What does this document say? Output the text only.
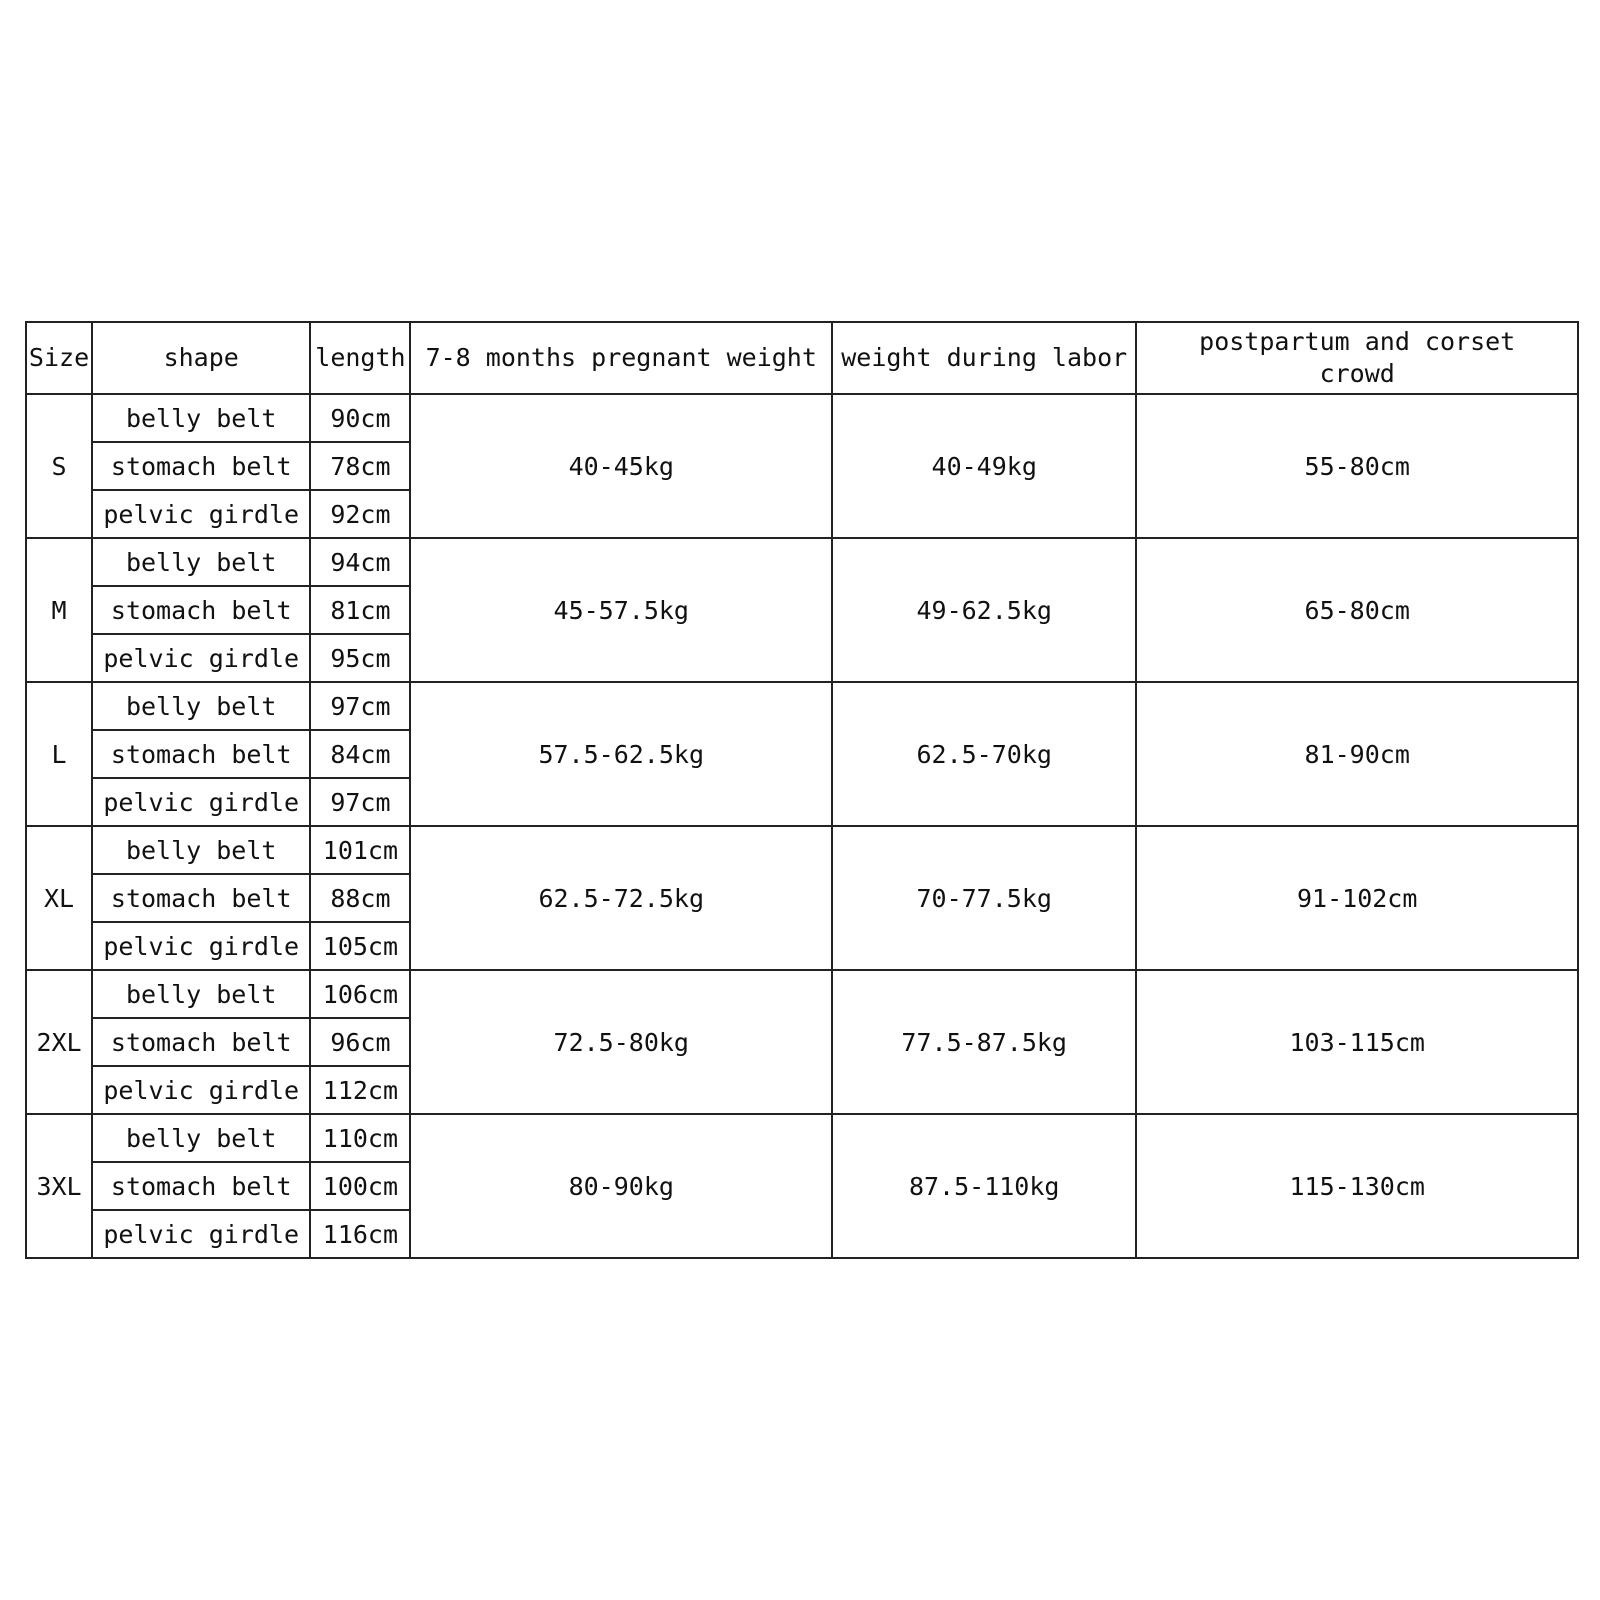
Size	shape	length	7-8 months pregnant weight	weight during labor	postpartum and corset crowd
S	belly belt	90cm	40-45kg	40-49kg	55-80cm
	stomach belt	78cm			
	pelvic girdle	92cm			
M	belly belt	94cm	45-57.5kg	49-62.5kg	65-80cm
	stomach belt	81cm			
	pelvic girdle	95cm			
L	belly belt	97cm	57.5-62.5kg	62.5-70kg	81-90cm
	stomach belt	84cm			
	pelvic girdle	97cm			
XL	belly belt	101cm	62.5-72.5kg	70-77.5kg	91-102cm
	stomach belt	88cm			
	pelvic girdle	105cm			
2XL	belly belt	106cm	72.5-80kg	77.5-87.5kg	103-115cm
	stomach belt	96cm			
	pelvic girdle	112cm			
3XL	belly belt	110cm	80-90kg	87.5-110kg	115-130cm
	stomach belt	100cm			
	pelvic girdle	116cm			
